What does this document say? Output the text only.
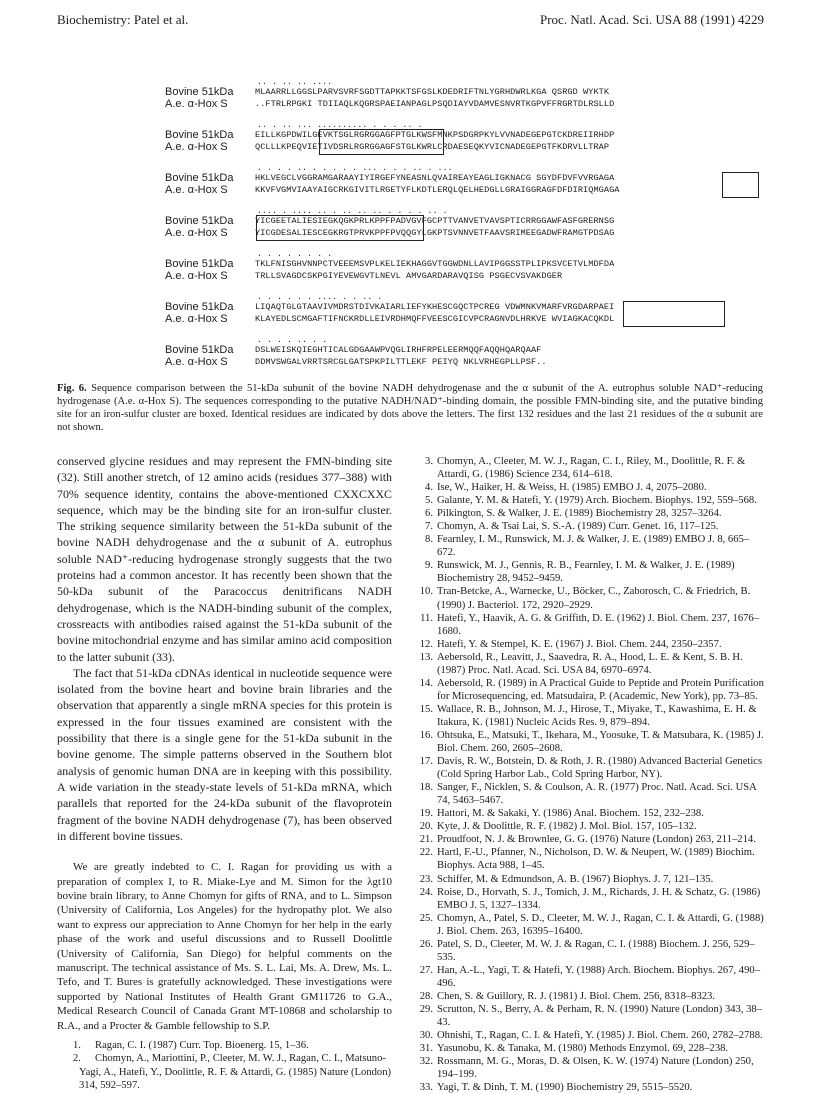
Biochemistry: Patel et al.	Proc. Natl. Acad. Sci. USA 88 (1991) 4229
.. . .. .. ....
Bovine 51kDa	MLAARRLLGGSLPARVSVRFSGDTTAPKKTSFGSLKDEDRIFTNLYGRHDWRLKGA QSRGD WYKTK
A.e. α-Hox S	..FTRLRPGKI TDIIAQLKQGRSPAEIANPAGLPSQDIAYVDAMVESNVRTKGPVFFRGRTDLRSLLD
.. . .. ... .......... . . . .. .
Bovine 51kDa	EILLKGPDWILGEVKTSGLRGRGGAGFPTGLKWSFMNKPSDGRPKYLVVNADEGEPGTCKDREIIRHDP
A.e. α-Hox S	QCLLLKPEQVIETIVDSRLRGRGGAGFSTGLKWRLCRDAESEQKYVICNADEGEPGTFKDRVLLTRAP
. . . . .. . . . . . ... . . . .. . ...
Bovine 51kDa	HKLVEGCLVGGRAMGARAAYIYIRGEFYNEASNLQVAIREAYEAGLIGKNACG SGYDFDVFVVRGAGA
A.e. α-Hox S	KKVFVGMVIAAYAIGCRKGIVITLRGETYFLKDTLERQLQELHEDGLLGRAIGGRAGFDFDIRIQMGAGA
.... . .... .. . .. .. .. . . . . .. .
Bovine 51kDa	YICGEETALIESIEGKQGKPRLKPPFPADVGVFGCPTTVANVETVAVSPTICRRGGAWFASFGRERNSG
A.e. α-Hox S	YICGDESALIESCEGKRGTPRVKPPFPVQQGYLGKPTSVNNVETFAAVSRIMEEGADWFRAMGTPDSAG
. . . . . . . .
Bovine 51kDa	TKLFNISGHVNNPCTVEEEMSVPLKELIEKHAGGVTGGWDNLLAVIPGGSSTPLIPKSVCETVLMDFDA
A.e. α-Hox S	TRLLSVAGDCSKPGIYEVEWGVTLNEVL AMVGARDARAVQISG PSGECVSVAKDGER
. . . . . . .... . . .. .
Bovine 51kDa	LIQAQTGLGTAAVIVMDRSTDIVKAIARLIEFYKHESCGQCTPCREG VDWMNKVMARFVRGDARPAEI
A.e. α-Hox S	KLAYEDLSCMGAFTIFNCKRDLLEIVRDHMQFFVEESCGICVPCRAGNVDLHRKVE WVIAGKACQKDL
. . . . .. . .
Bovine 51kDa	DSLWEISKQIEGHTICALGDGAAWPVQGLIRHFRPELEERMQQFAQQHQARQAAF
A.e. α-Hox S	DDMVSWGALVRRTSRCGLGATSPKPILTTLEKF PEIYQ NKLVRHEGPLLPSF..
Fig. 6. Sequence comparison between the 51-kDa subunit of the bovine NADH dehydrogenase and the α subunit of the A. eutrophus soluble NAD⁺-reducing hydrogenase (A.e. α-Hox S). The sequences corresponding to the putative NADH/NAD⁺-binding domain, the possible FMN-binding site, and the putative binding site for an iron-sulfur cluster are boxed. Identical residues are indicated by dots above the letters. The first 132 residues and the last 21 residues of the α subunit are not shown.

conserved glycine residues and may represent the FMN-binding site (32). Still another stretch, of 12 amino acids (residues 377–388) with 70% sequence identity, contains the above-mentioned CXXCXXC sequence, which may be the binding site for an iron-sulfur cluster. The striking sequence similarity between the 51-kDa subunit of the bovine NADH dehydrogenase and the α subunit of A. eutrophus soluble NAD⁺-reducing hydrogenase strongly suggests that the two proteins had a common ancestor. It has recently been shown that the 50-kDa subunit of the Paracoccus denitrificans NADH dehydrogenase, which is the NADH-binding subunit of the complex, crossreacts with antibodies raised against the 51-kDa subunit of the bovine mitochondrial enzyme and has similar amino acid composition to the latter subunit (33).

The fact that 51-kDa cDNAs identical in nucleotide sequence were isolated from the bovine heart and bovine brain libraries and the observation that apparently a single mRNA species for this protein is expressed in the four tissues examined are consistent with the possibility that there is a single gene for the 51-kDa subunit in the bovine genome. The simple patterns observed in the Southern blot analysis of genomic human DNA are in keeping with this possibility. A wide variation in the steady-state levels of 51-kDa mRNA, which parallels that reported for the 24-kDa subunit of the flavoprotein fragment of the bovine NADH dehydrogenase (7), has been observed in different bovine tissues.

We are greatly indebted to C. I. Ragan for providing us with a preparation of complex I, to R. Miake-Lye and M. Simon for the λgt10 bovine brain library, to Anne Chomyn for gifts of RNA, and to L. Simpson (University of California, Los Angeles) for the hydropathy plot. We also want to express our appreciation to Anne Chomyn for her help in the early phase of the work and useful discussions and to Russell Doolittle (University of California, San Diego) for helpful comments on the manuscript. The technical assistance of Ms. S. L. Lai, Ms. A. Drew, Ms. L. Tefo, and T. Bures is gratefully acknowledged. These investigations were supported by National Institutes of Health Grant GM11726 to G.A., Medical Research Council of Canada Grant MT-10868 and scholarship to R.A., and a Procter & Gamble fellowship to S.P.

1. Ragan, C. I. (1987) Curr. Top. Bioenerg. 15, 1–36.

2. Chomyn, A., Mariottini, P., Cleeter, M. W. J., Ragan, C. I., Matsuno-Yagi, A., Hatefi, Y., Doolittle, R. F. & Attardi, G. (1985) Nature (London) 314, 592–597.

3. Chomyn, A., Cleeter, M. W. J., Ragan, C. I., Riley, M., Doolittle, R. F. & Attardi, G. (1986) Science 234, 614–618.

4. Ise, W., Haiker, H. & Weiss, H. (1985) EMBO J. 4, 2075–2080.

5. Galante, Y. M. & Hatefi, Y. (1979) Arch. Biochem. Biophys. 192, 559–568.

6. Pilkington, S. & Walker, J. E. (1989) Biochemistry 28, 3257–3264.

7. Chomyn, A. & Tsai Lai, S. S.-A. (1989) Curr. Genet. 16, 117–125.

8. Fearnley, I. M., Runswick, M. J. & Walker, J. E. (1989) EMBO J. 8, 665–672.

9. Runswick, M. J., Gennis, R. B., Fearnley, I. M. & Walker, J. E. (1989) Biochemistry 28, 9452–9459.

10. Tran-Betcke, A., Warnecke, U., Böcker, C., Zaborosch, C. & Friedrich, B. (1990) J. Bacteriol. 172, 2920–2929.

11. Hatefi, Y., Haavik, A. G. & Griffith, D. E. (1962) J. Biol. Chem. 237, 1676–1680.

12. Hatefi, Y. & Stempel, K. E. (1967) J. Biol. Chem. 244, 2350–2357.

13. Aebersold, R., Leavitt, J., Saavedra, R. A., Hood, L. E. & Kent, S. B. H. (1987) Proc. Natl. Acad. Sci. USA 84, 6970–6974.

14. Aebersold, R. (1989) in A Practical Guide to Peptide and Protein Purification for Microsequencing, ed. Matsudaira, P. (Academic, New York), pp. 73–85.

15. Wallace, R. B., Johnson, M. J., Hirose, T., Miyake, T., Kawashima, E. H. & Itakura, K. (1981) Nucleic Acids Res. 9, 879–894.

16. Ohtsuka, E., Matsuki, T., Ikehara, M., Yoosuke, T. & Matsubara, K. (1985) J. Biol. Chem. 260, 2605–2608.

17. Davis, R. W., Botstein, D. & Roth, J. R. (1980) Advanced Bacterial Genetics (Cold Spring Harbor Lab., Cold Spring Harbor, NY).

18. Sanger, F., Nicklen, S. & Coulson, A. R. (1977) Proc. Natl. Acad. Sci. USA 74, 5463–5467.

19. Hattori, M. & Sakaki, Y. (1986) Anal. Biochem. 152, 232–238.

20. Kyte, J. & Doolittle, R. F. (1982) J. Mol. Biol. 157, 105–132.

21. Proudfoot, N. J. & Brownlee, G. G. (1976) Nature (London) 263, 211–214.

22. Hartl, F.-U., Pfanner, N., Nicholson, D. W. & Neupert, W. (1989) Biochim. Biophys. Acta 988, 1–45.

23. Schiffer, M. & Edmundson, A. B. (1967) Biophys. J. 7, 121–135.

24. Roise, D., Horvath, S. J., Tomich, J. M., Richards, J. H. & Schatz, G. (1986) EMBO J. 5, 1327–1334.

25. Chomyn, A., Patel, S. D., Cleeter, M. W. J., Ragan, C. I. & Attardi, G. (1988) J. Biol. Chem. 263, 16395–16400.

26. Patel, S. D., Cleeter, M. W. J. & Ragan, C. I. (1988) Biochem. J. 256, 529–535.

27. Han, A.-L., Yagi, T. & Hatefi, Y. (1988) Arch. Biochem. Biophys. 267, 490–496.

28. Chen, S. & Guillory, R. J. (1981) J. Biol. Chem. 256, 8318–8323.

29. Scrutton, N. S., Berry, A. & Perham, R. N. (1990) Nature (London) 343, 38–43.

30. Ohnishi, T., Ragan, C. I. & Hatefi, Y. (1985) J. Biol. Chem. 260, 2782–2788.

31. Yasunobu, K. & Tanaka, M. (1980) Methods Enzymol. 69, 228–238.

32. Rossmann, M. G., Moras, D. & Olsen, K. W. (1974) Nature (London) 250, 194–199.

33. Yagi, T. & Dinh, T. M. (1990) Biochemistry 29, 5515–5520.
